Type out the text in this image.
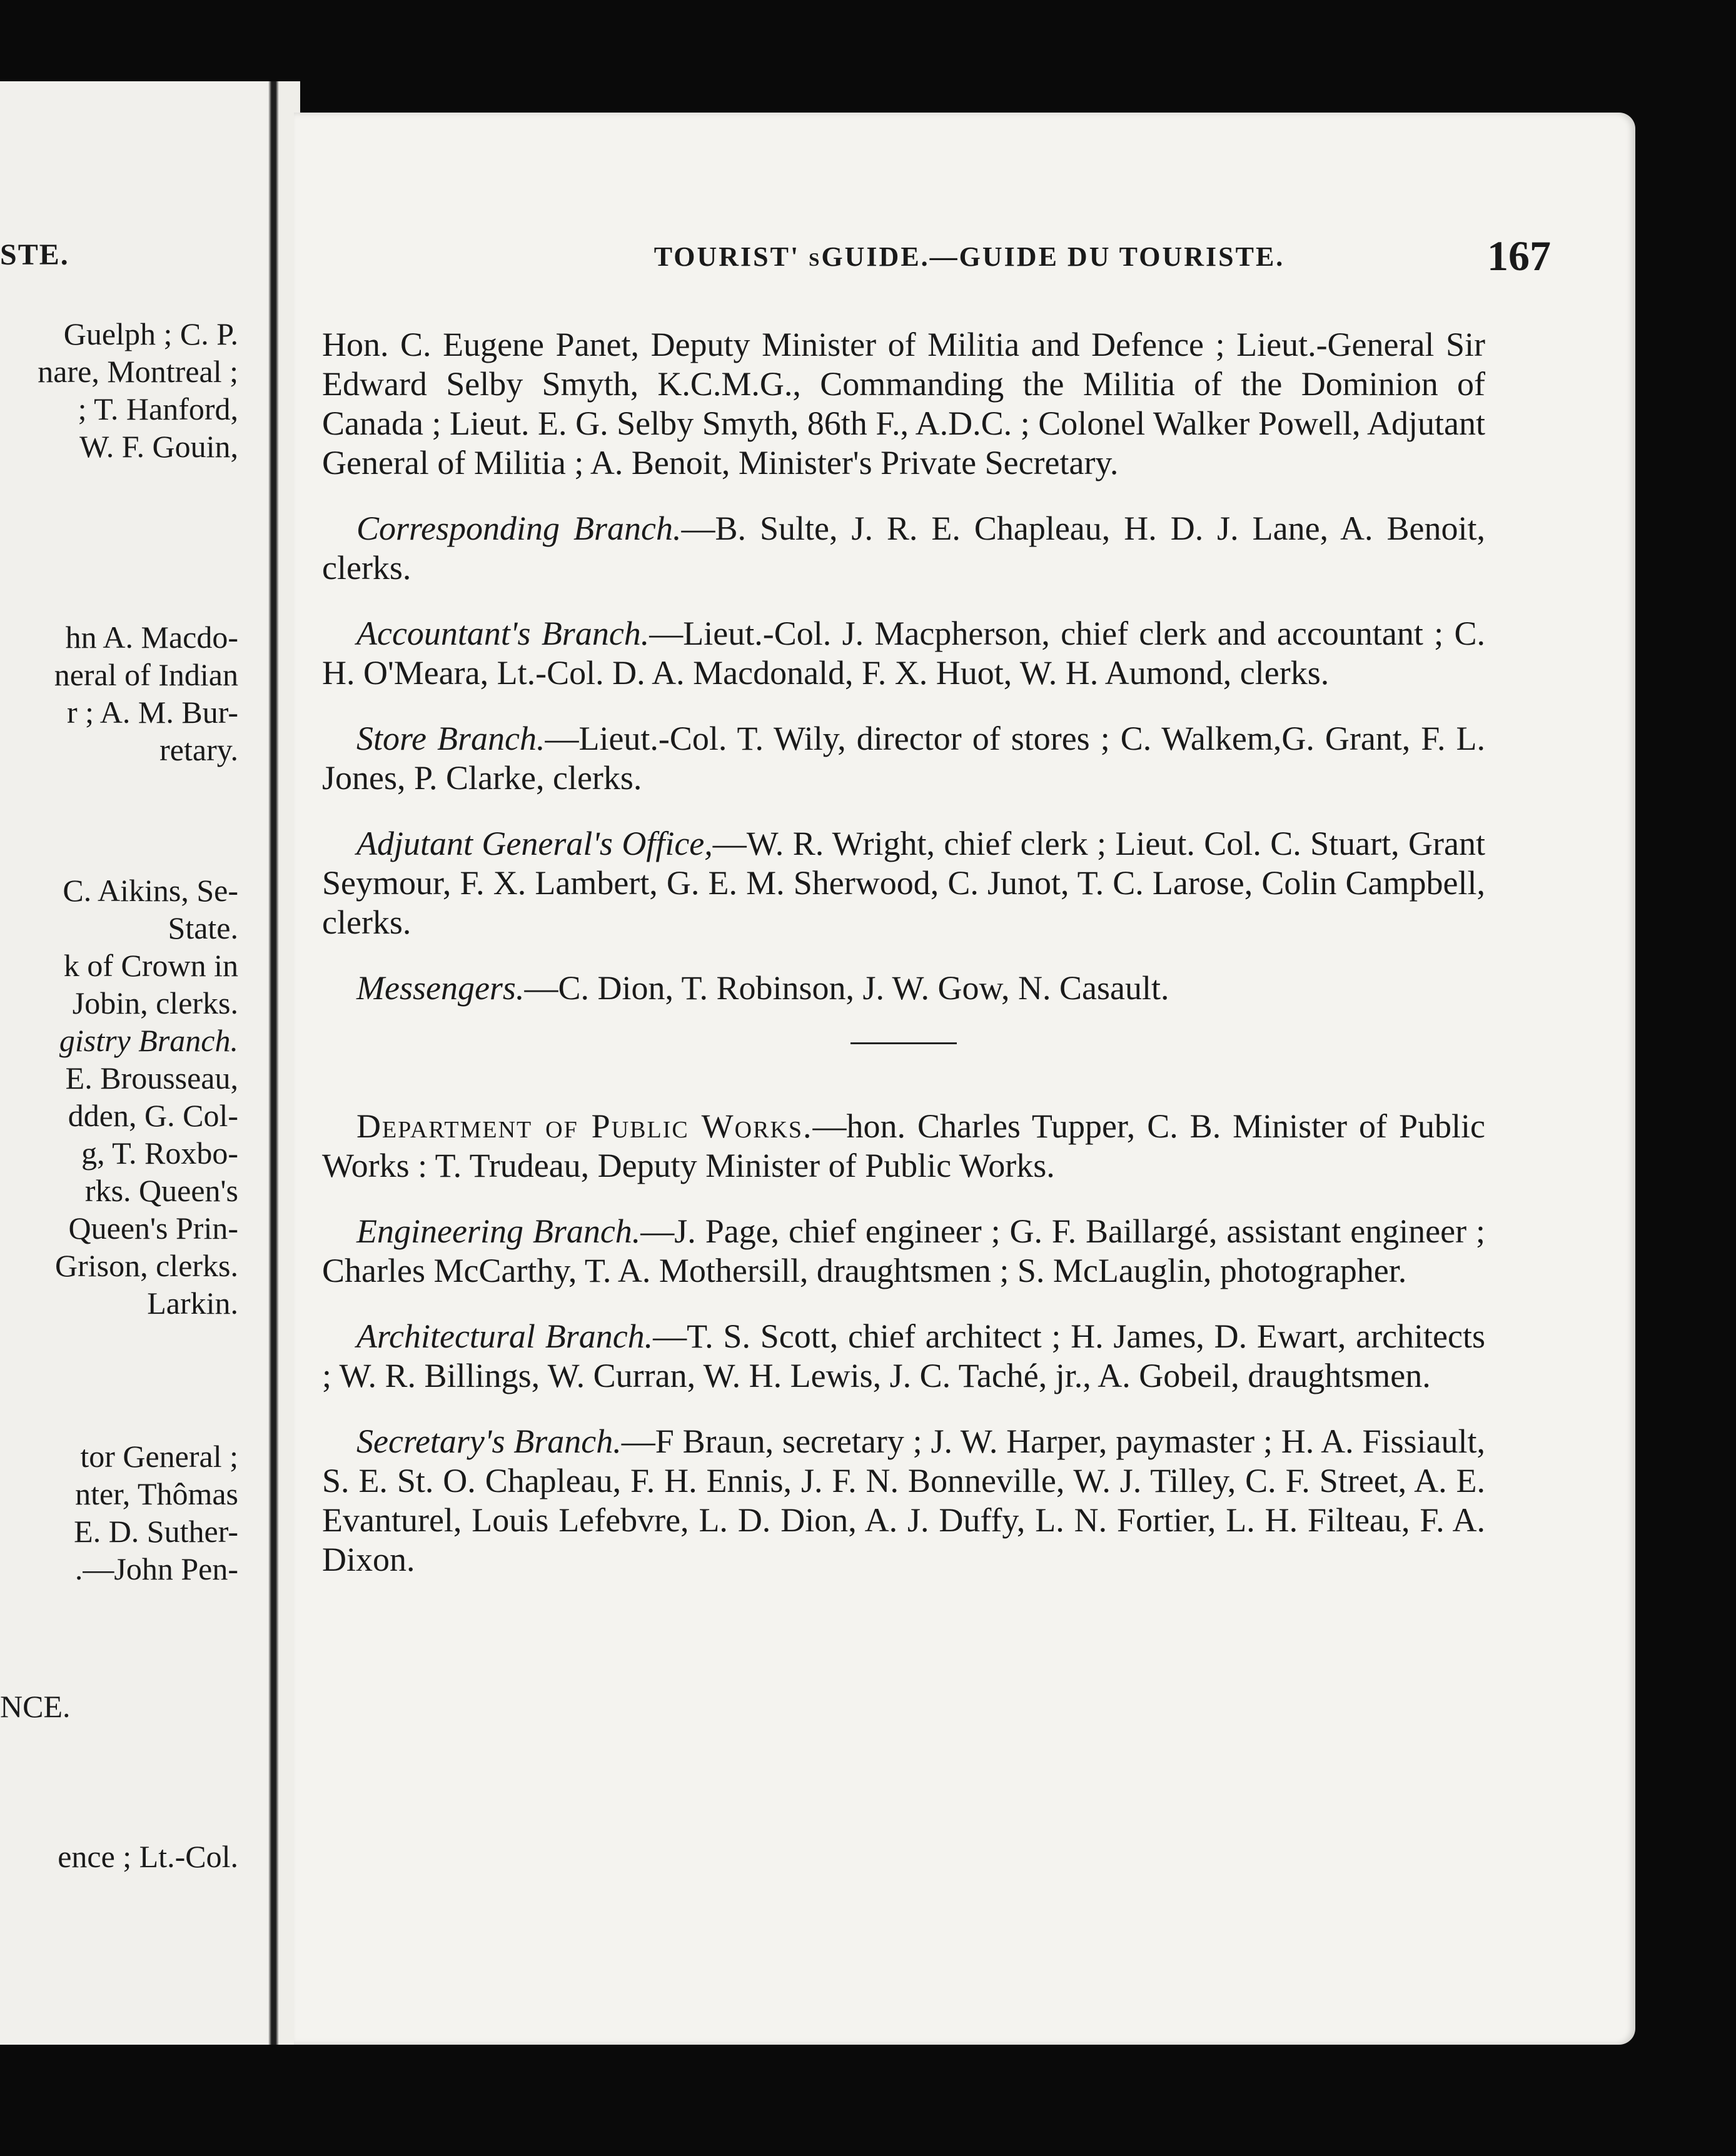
STE.
Guelph ; C. P.
nare, Montreal ;
; T. Hanford,
W. F. Gouin,
hn A. Macdo-
neral of Indian
r ; A. M. Bur-
retary.
C. Aikins, Se-
State.
k of Crown in
Jobin, clerks.
gistry Branch.
E. Brousseau,
dden, G. Col-
g, T. Roxbo-
rks. Queen's
Queen's Prin-
Grison, clerks.
Larkin.
tor General ;
nter, Thômas
E. D. Suther-
.—John Pen-
NCE.
ence ; Lt.-Col.
TOURIST' sGUIDE.—GUIDE DU TOURISTE.	167

Hon. C. Eugene Panet, Deputy Minister of Militia and Defence ; Lieut.-General Sir Edward Selby Smyth, K.C.M.G., Commanding the Militia of the Dominion of Canada ; Lieut. E. G. Selby Smyth, 86th F., A.D.C. ; Colonel Walker Powell, Adjutant General of Militia ; A. Benoit, Minister's Private Secretary.

Corresponding Branch.—B. Sulte, J. R. E. Chapleau, H. D. J. Lane, A. Benoit, clerks.

Accountant's Branch.—Lieut.-Col. J. Macpherson, chief clerk and accountant ; C. H. O'Meara, Lt.-Col. D. A. Macdonald, F. X. Huot, W. H. Aumond, clerks.

Store Branch.—Lieut.-Col. T. Wily, director of stores ; C. Walkem,G. Grant, F. L. Jones, P. Clarke, clerks.

Adjutant General's Office,—W. R. Wright, chief clerk ; Lieut. Col. C. Stuart, Grant Seymour, F. X. Lambert, G. E. M. Sherwood, C. Junot, T. C. Larose, Colin Campbell, clerks.

Messengers.—C. Dion, T. Robinson, J. W. Gow, N. Casault.

Department of Public Works.—hon. Charles Tupper, C. B. Minister of Public Works : T. Trudeau, Deputy Minister of Public Works.

Engineering Branch.—J. Page, chief engineer ; G. F. Baillargé, assistant engineer ; Charles McCarthy, T. A. Mothersill, draughtsmen ; S. McLauglin, photographer.

Architectural Branch.—T. S. Scott, chief architect ; H. James, D. Ewart, architects ; W. R. Billings, W. Curran, W. H. Lewis, J. C. Taché, jr., A. Gobeil, draughtsmen.

Secretary's Branch.—F Braun, secretary ; J. W. Harper, paymaster ; H. A. Fissiault, S. E. St. O. Chapleau, F. H. Ennis, J. F. N. Bonneville, W. J. Tilley, C. F. Street, A. E. Evanturel, Louis Lefebvre, L. D. Dion, A. J. Duffy, L. N. Fortier, L. H. Filteau, F. A. Dixon.
